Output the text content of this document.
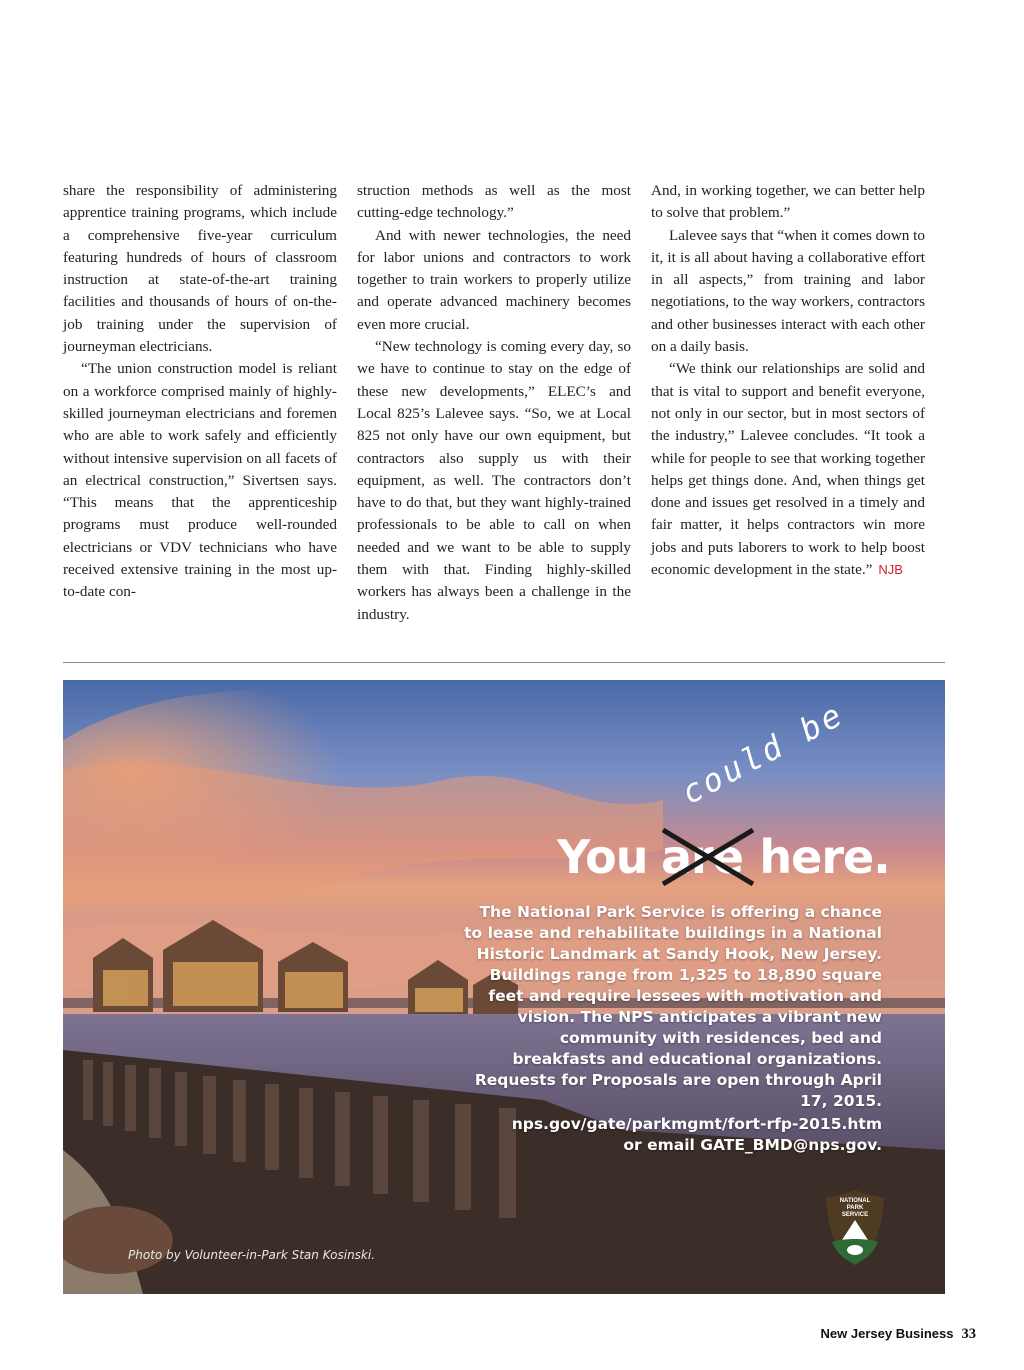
share the responsibility of administering apprentice training programs, which include a comprehensive five-year curriculum featuring hundreds of hours of classroom instruction at state-of-the-art training facilities and thousands of hours of on-the-job training under the supervision of journeyman electricians.

“The union construction model is reliant on a workforce comprised mainly of highly-skilled journeyman electricians and foremen who are able to work safely and efficiently without intensive supervision on all facets of an electrical construction,” Sivertsen says. “This means that the apprenticeship programs must produce well-rounded electricians or VDV technicians who have received extensive training in the most up-to-date con-

struction methods as well as the most cutting-edge technology.”

And with newer technologies, the need for labor unions and contractors to work together to train workers to properly utilize and operate advanced machinery becomes even more crucial.

“New technology is coming every day, so we have to continue to stay on the edge of these new developments,” ELEC’s and Local 825’s Lalevee says. “So, we at Local 825 not only have our own equipment, but contractors also supply us with their equipment, as well. The contractors don’t have to do that, but they want highly-trained professionals to be able to call on when needed and we want to be able to supply them with that. Finding highly-skilled workers has always been a challenge in the industry.

And, in working together, we can better help to solve that problem.”

Lalevee says that “when it comes down to it, it is all about having a collaborative effort in all aspects,” from training and labor negotiations, to the way workers, contractors and other businesses interact with each other on a daily basis.

“We think our relationships are solid and that is vital to support and benefit everyone, not only in our sector, but in most sectors of the industry,” Lalevee concludes. “It took a while for people to see that working together helps get things done. And, when things get done and issues get resolved in a timely and fair matter, it helps contractors win more jobs and puts laborers to work to help boost economic development in the state.” NJB

could be
You here.
are
The National Park Service is offering a chance to lease and rehabilitate buildings in a National Historic Landmark at Sandy Hook, New Jersey. Buildings range from 1,325 to 18,890 square feet and require lessees with motivation and vision. The NPS anticipates a vibrant new community with residences, bed and breakfasts and educational organizations. Requests for Proposals are open through April 17, 2015.
nps.gov/gate/parkmgmt/fort-rfp-2015.htm
or email GATE_BMD@nps.gov.
Photo by Volunteer-in-Park Stan Kosinski.
NATIONAL
PARK
SERVICE
New Jersey Business 33
